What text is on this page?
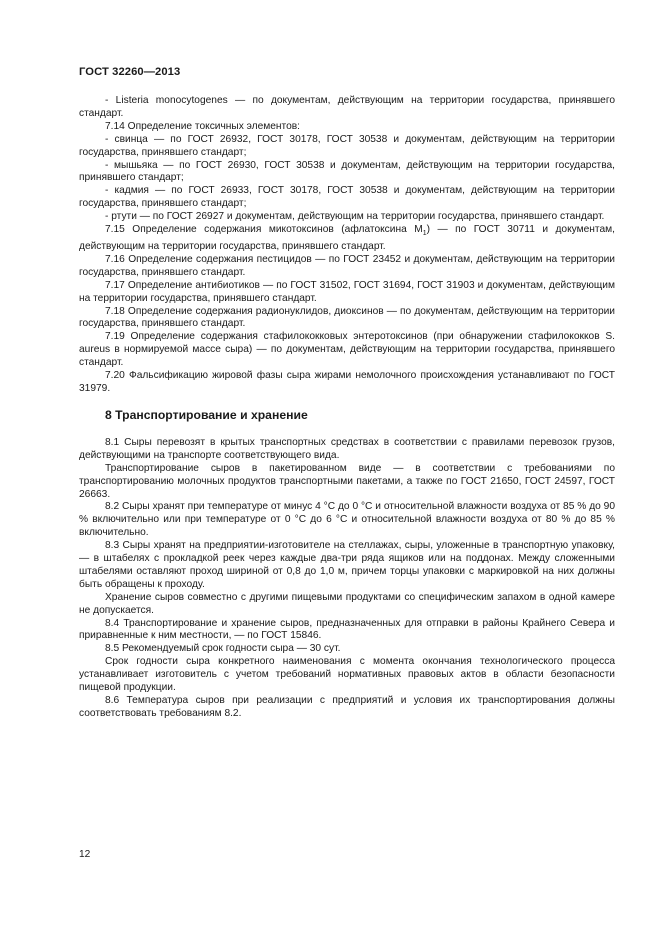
ГОСТ 32260—2013

- Listeria monocytogenes — по документам, действующим на территории государства, принявшего стандарт.

7.14 Определение токсичных элементов:

- свинца — по ГОСТ 26932, ГОСТ 30178, ГОСТ 30538 и документам, действующим на территории государства, принявшего стандарт;

- мышьяка — по ГОСТ 26930, ГОСТ 30538 и документам, действующим на территории государства, принявшего стандарт;

- кадмия — по ГОСТ 26933, ГОСТ 30178, ГОСТ 30538 и документам, действующим на территории государства, принявшего стандарт;

- ртути — по ГОСТ 26927 и документам, действующим на территории государства, принявшего стандарт.

7.15 Определение содержания микотоксинов (афлатоксина $M_1$) — по ГОСТ 30711 и документам, действующим на территории государства, принявшего стандарт.

7.16 Определение содержания пестицидов — по ГОСТ 23452 и документам, действующим на территории государства, принявшего стандарт.

7.17 Определение антибиотиков — по ГОСТ 31502, ГОСТ 31694, ГОСТ 31903 и документам, действующим на территории государства, принявшего стандарт.

7.18 Определение содержания радионуклидов, диоксинов — по документам, действующим на территории государства, принявшего стандарт.

7.19 Определение содержания стафилококковых энтеротоксинов (при обнаружении стафилококков S. aureus в нормируемой массе сыра) — по документам, действующим на территории государства, принявшего стандарт.

7.20 Фальсификацию жировой фазы сыра жирами немолочного происхождения устанавливают по ГОСТ 31979.

8 Транспортирование и хранение

8.1 Сыры перевозят в крытых транспортных средствах в соответствии с правилами перевозок грузов, действующими на транспорте соответствующего вида.

Транспортирование сыров в пакетированном виде — в соответствии с требованиями по транспортированию молочных продуктов транспортными пакетами, а также по ГОСТ 21650, ГОСТ 24597, ГОСТ 26663.

8.2 Сыры хранят при температуре от минус 4 °С до 0 °С и относительной влажности воздуха от 85 % до 90 % включительно или при температуре от 0 °С до 6 °С и относительной влажности воздуха от 80 % до 85 % включительно.

8.3 Сыры хранят на предприятии-изготовителе на стеллажах, сыры, уложенные в транспортную упаковку, — в штабелях с прокладкой реек через каждые два-три ряда ящиков или на поддонах. Между сложенными штабелями оставляют проход шириной от 0,8 до 1,0 м, причем торцы упаковки с маркировкой на них должны быть обращены к проходу.

Хранение сыров совместно с другими пищевыми продуктами со специфическим запахом в одной камере не допускается.

8.4 Транспортирование и хранение сыров, предназначенных для отправки в районы Крайнего Севера и приравненные к ним местности, — по ГОСТ 15846.

8.5 Рекомендуемый срок годности сыра — 30 сут.

Срок годности сыра конкретного наименования с момента окончания технологического процесса устанавливает изготовитель с учетом требований нормативных правовых актов в области безопасности пищевой продукции.

8.6 Температура сыров при реализации с предприятий и условия их транспортирования должны соответствовать требованиям 8.2.

12
